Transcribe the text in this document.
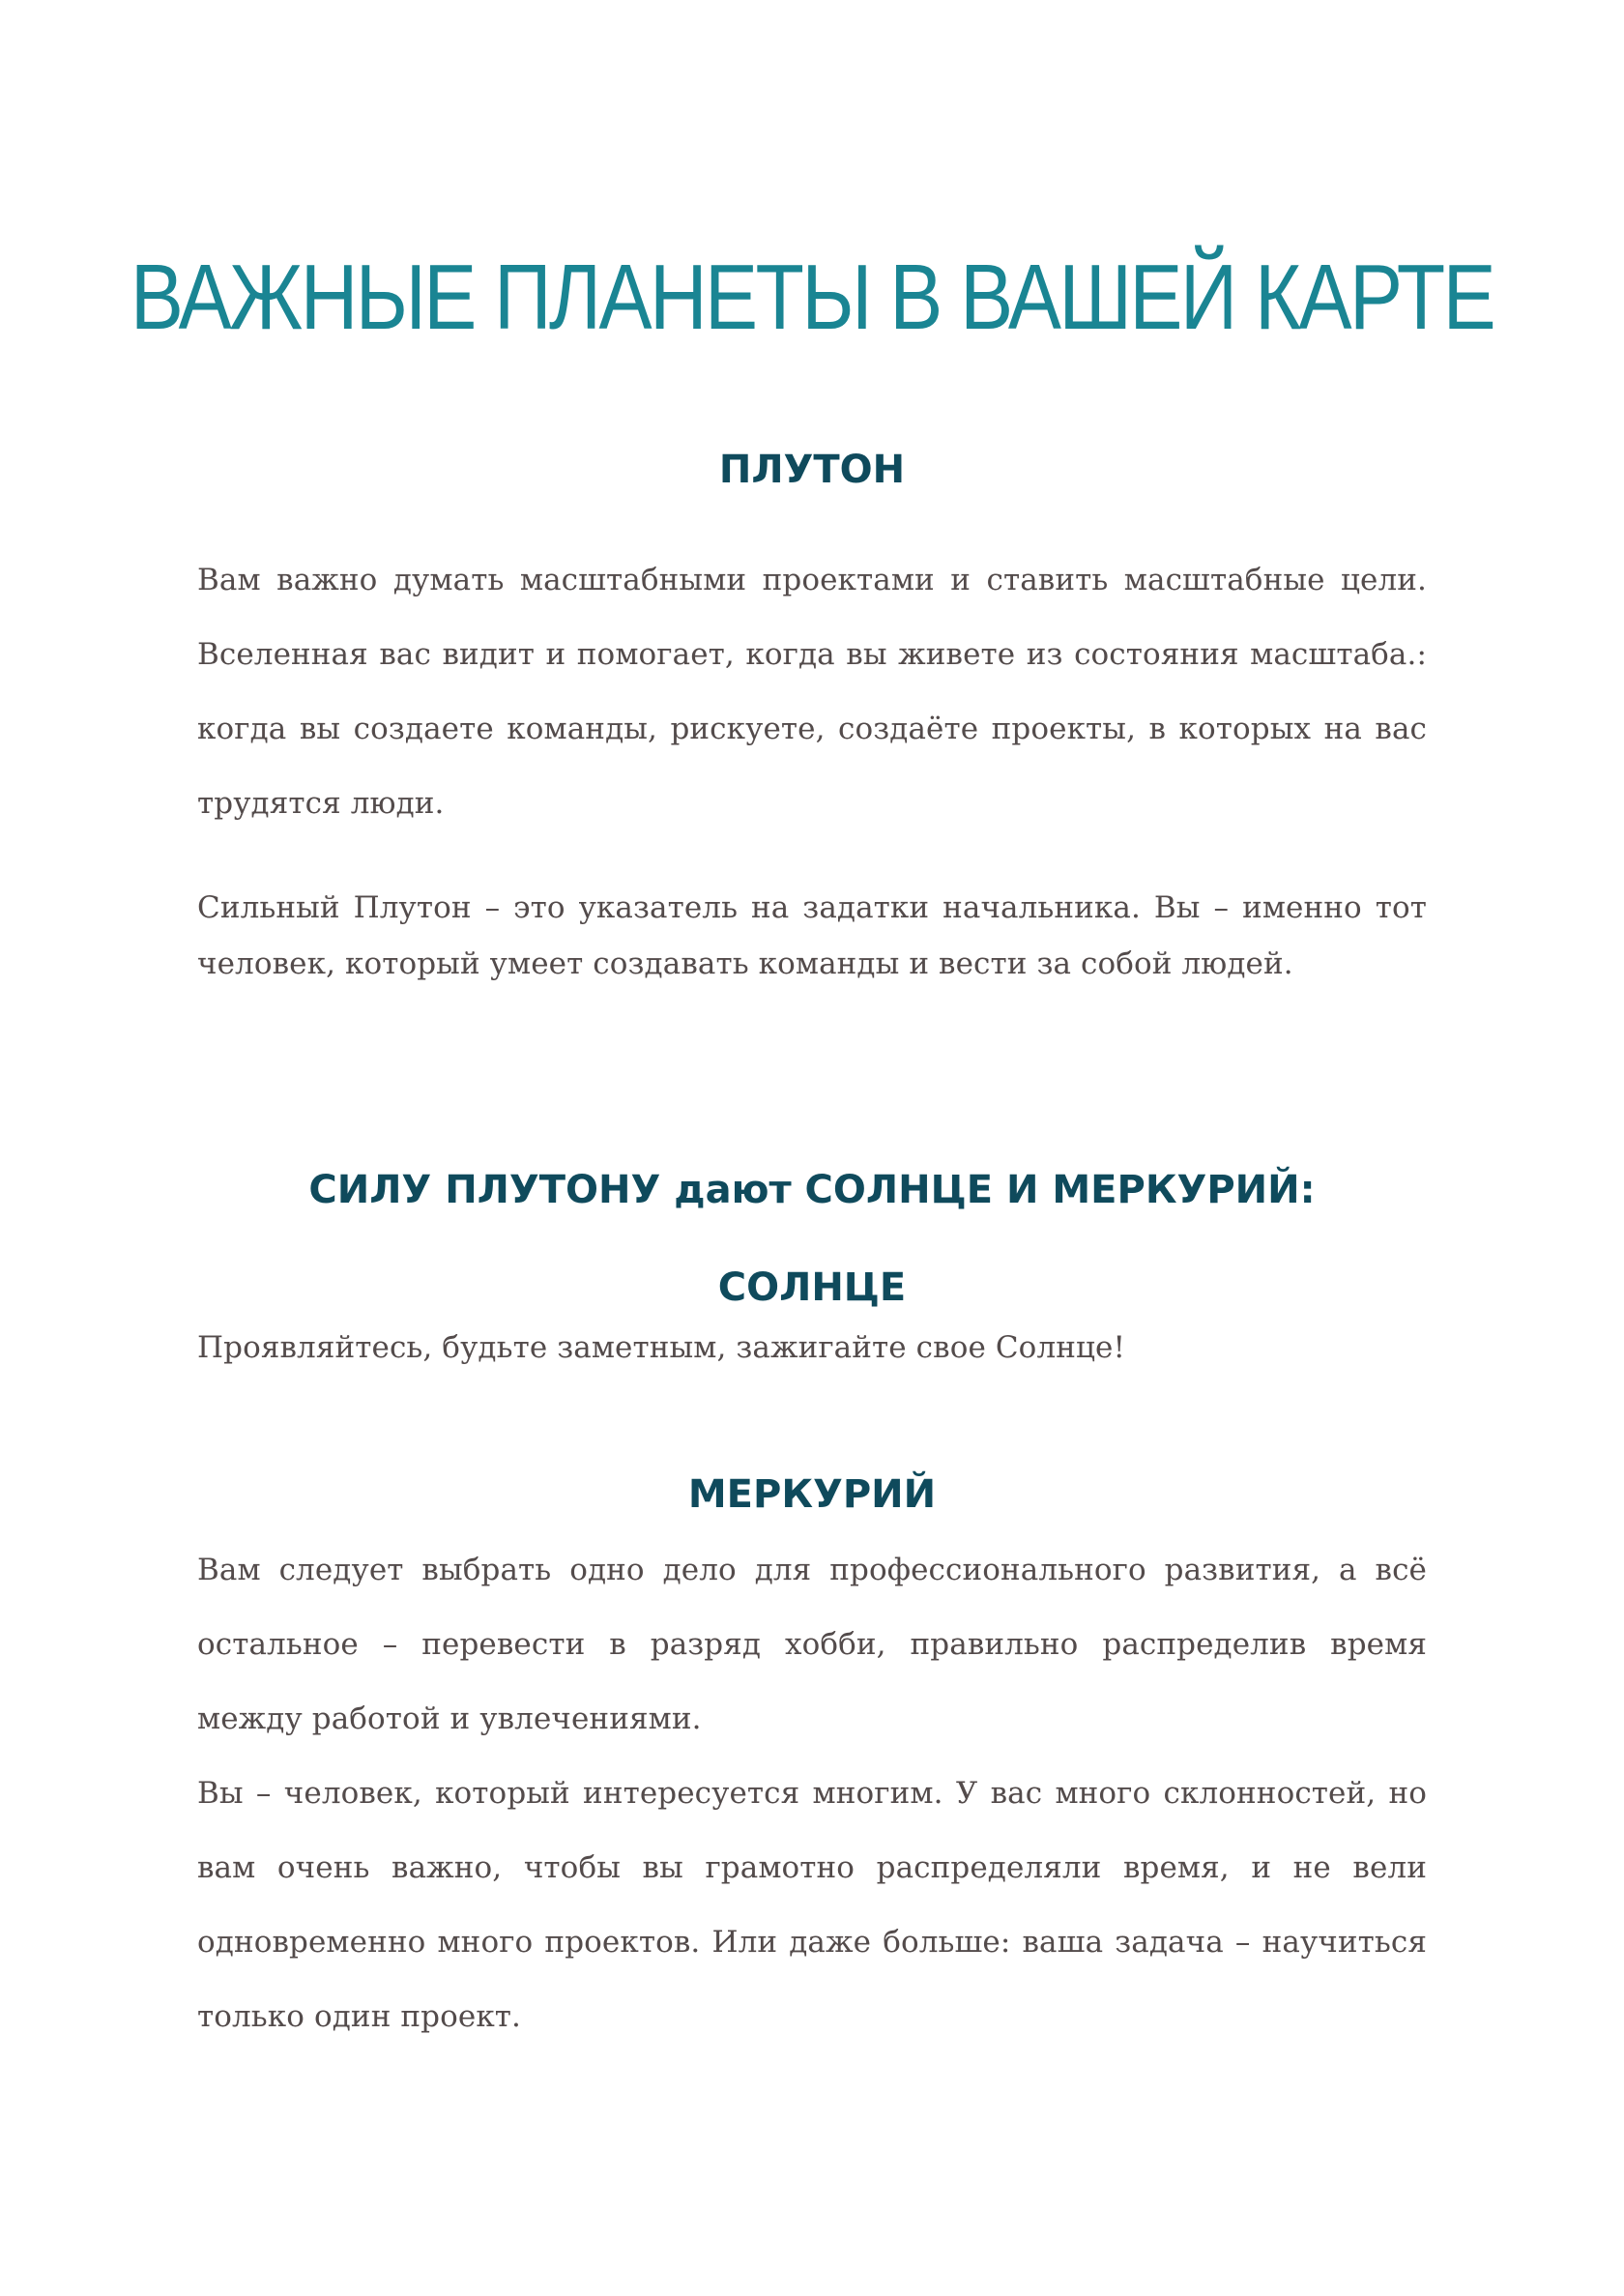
ВАЖНЫЕ ПЛАНЕТЫ В ВАШЕЙ КАРТЕ
ПЛУТОН
Вам важно думать масштабными проектами и ставить масштабные цели.
Вселенная вас видит и помогает, когда вы живете из состояния масштаба.:
когда вы создаете команды, рискуете, создаёте проекты, в которых на вас
трудятся люди.
Сильный Плутон – это указатель на задатки начальника. Вы – именно тот
человек, который умеет создавать команды и вести за собой людей.
СИЛУ ПЛУТОНУ дают СОЛНЦЕ И МЕРКУРИЙ:
СОЛНЦЕ
Проявляйтесь, будьте заметным, зажигайте свое Солнце!
МЕРКУРИЙ
Вам следует выбрать одно дело для профессионального развития, а всё
остальное – перевести в разряд хобби, правильно распределив время
между работой и увлечениями.
Вы – человек, который интересуется многим. У вас много склонностей, но
вам очень важно, чтобы вы грамотно распределяли время, и не вели
одновременно много проектов. Или даже больше: ваша задача – научиться
только один проект.
